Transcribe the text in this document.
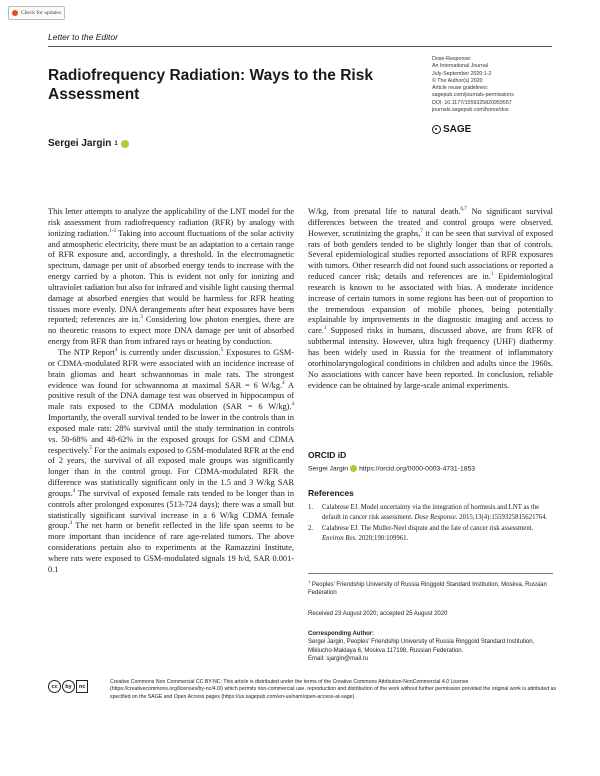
Check for updates
Letter to the Editor
Radiofrequency Radiation: Ways to the Risk Assessment
Sergei Jargin 1
Dose-Response:
An International Journal
July-September 2020:1-2
© The Author(s) 2020
Article reuse guidelines:
sagepub.com/journals-permissions
DOI: 10.1177/1559325820959557
journals.sagepub.com/home/dos
SAGE

This letter attempts to analyze the applicability of the LNT model for the risk assessment from radiofrequency radiation (RFR) by analogy with ionizing radiation.$^{1-3}$ Taking into account fluctuations of the solar activity and atmospheric electricity, there must be an adaptation to a certain range of RFR exposure and, accordingly, a threshold. In the electromagnetic spectrum, damage per unit of absorbed energy tends to increase with the energy carried by a photon. This is evident not only for ionizing and ultraviolet radiation but also for infrared and visible light causing thermal damage at absorbed energies that would be harmless for RFR heating tissues more evenly. DNA derangements after heat exposures have been reported; references are in.$^3$ Considering low photon energies, there are no theoretic reasons to expect more DNA damage per unit of absorbed energy from RFR than from infrared rays or heating by conduction.

The NTP Report$^4$ is currently under discussion.$^5$ Exposures to GSM- or CDMA-modulated RFR were associated with an incidence increase of brain gliomas and heart schwannomas in male rats. The strongest evidence was found for schwannoma at maximal SAR = 6 W/kg.$^4$ A positive result of the DNA damage test was observed in hippocampus of male rats exposed to the CDMA modulation (SAR = 6 W/kg).$^4$ Importantly, the overall survival tended to be lower in the controls than in exposed male rats: 28% survival until the study termination in controls vs. 50-68% and 48-62% in the exposed groups for GSM and CDMA respectively.$^5$ For the animals exposed to GSM-modulated RFR at the end of 2 years, the survival of all exposed male groups was significantly longer than in the control group. For CDMA-modulated RFR the difference was statistically significant only in the 1.5 and 3 W/kg SAR groups.$^4$ The survival of exposed female rats tended to be longer than in controls after prolonged exposures (513-724 days); there was a small but statistically significant survival increase in a 6 W/kg CDMA female group.$^4$ The net harm or benefit reflected in the life span seems to be more important than incidence of rare age-related tumors. The above considerations pertain also to experiments at the Ramazzini Institute, where rats were exposed to GSM-modulated signals 19 h/d, SAR 0.001-0.1

W/kg, from prenatal life to natural death.$^{6,7}$ No significant survival differences between the treated and control groups were observed. However, scrutinizing the graphs,$^7$ it can be seen that survival of exposed rats of both genders tended to be slightly longer than that of controls. Several epidemiological studies reported associations of RFR exposures with tumors. Other research did not found such associations or reported a reduced cancer risk; details and references are in.$^1$ Epidemiological research is known to be associated with bias. A moderate incidence increase of certain tumors in some regions has been out of proportion to the tremendous expansion of mobile phones, being potentially explainable by improvements in the diagnostic imaging and access to care.$^1$ Supposed risks in humans, discussed above, are from RFR of subthermal intensity. However, ultra high frequency (UHF) diathermy has been widely used in Russia for the treatment of inflammatory otorhinolaryngological conditions in children and adults since the 1960s. No associations with cancer have been reported. In conclusion, reliable evidence can be obtained by large-scale animal experiments.

ORCID iD
Sergei Jargin https://orcid.org/0000-0003-4731-1853
References
1.	Calabrese EJ. Model uncertainty via the integration of hormesis and LNT as the default in cancer risk assessment. Dose Response. 2015;13(4):1559325815621764.
2.	Calabrese EJ. The Muller-Neel dispute and the fate of cancer risk assessment. Environ Res. 2020;190:109961.
$^1$ Peoples' Friendship University of Russia Ringgold Standard Institution, Moskva, Russian Federation
Received 23 August 2020; accepted 25 August 2020
Corresponding Author:
Sergei Jargin, Peoples' Friendship University of Russia Ringgold Standard Institution, Miklucho-Maklaya 6, Moskva 117198, Russian Federation.
Email: sjargin@mail.ru
cc	by	nc
Creative Commons Non Commercial CC BY-NC: This article is distributed under the terms of the Creative Commons Attribution-NonCommercial 4.0 License (https://creativecommons.org/licenses/by-nc/4.0/) which permits non-commercial use, reproduction and distribution of the work without further permission provided the original work is attributed as specified on the SAGE and Open Access pages (https://us.sagepub.com/en-us/nam/open-access-at-sage).
